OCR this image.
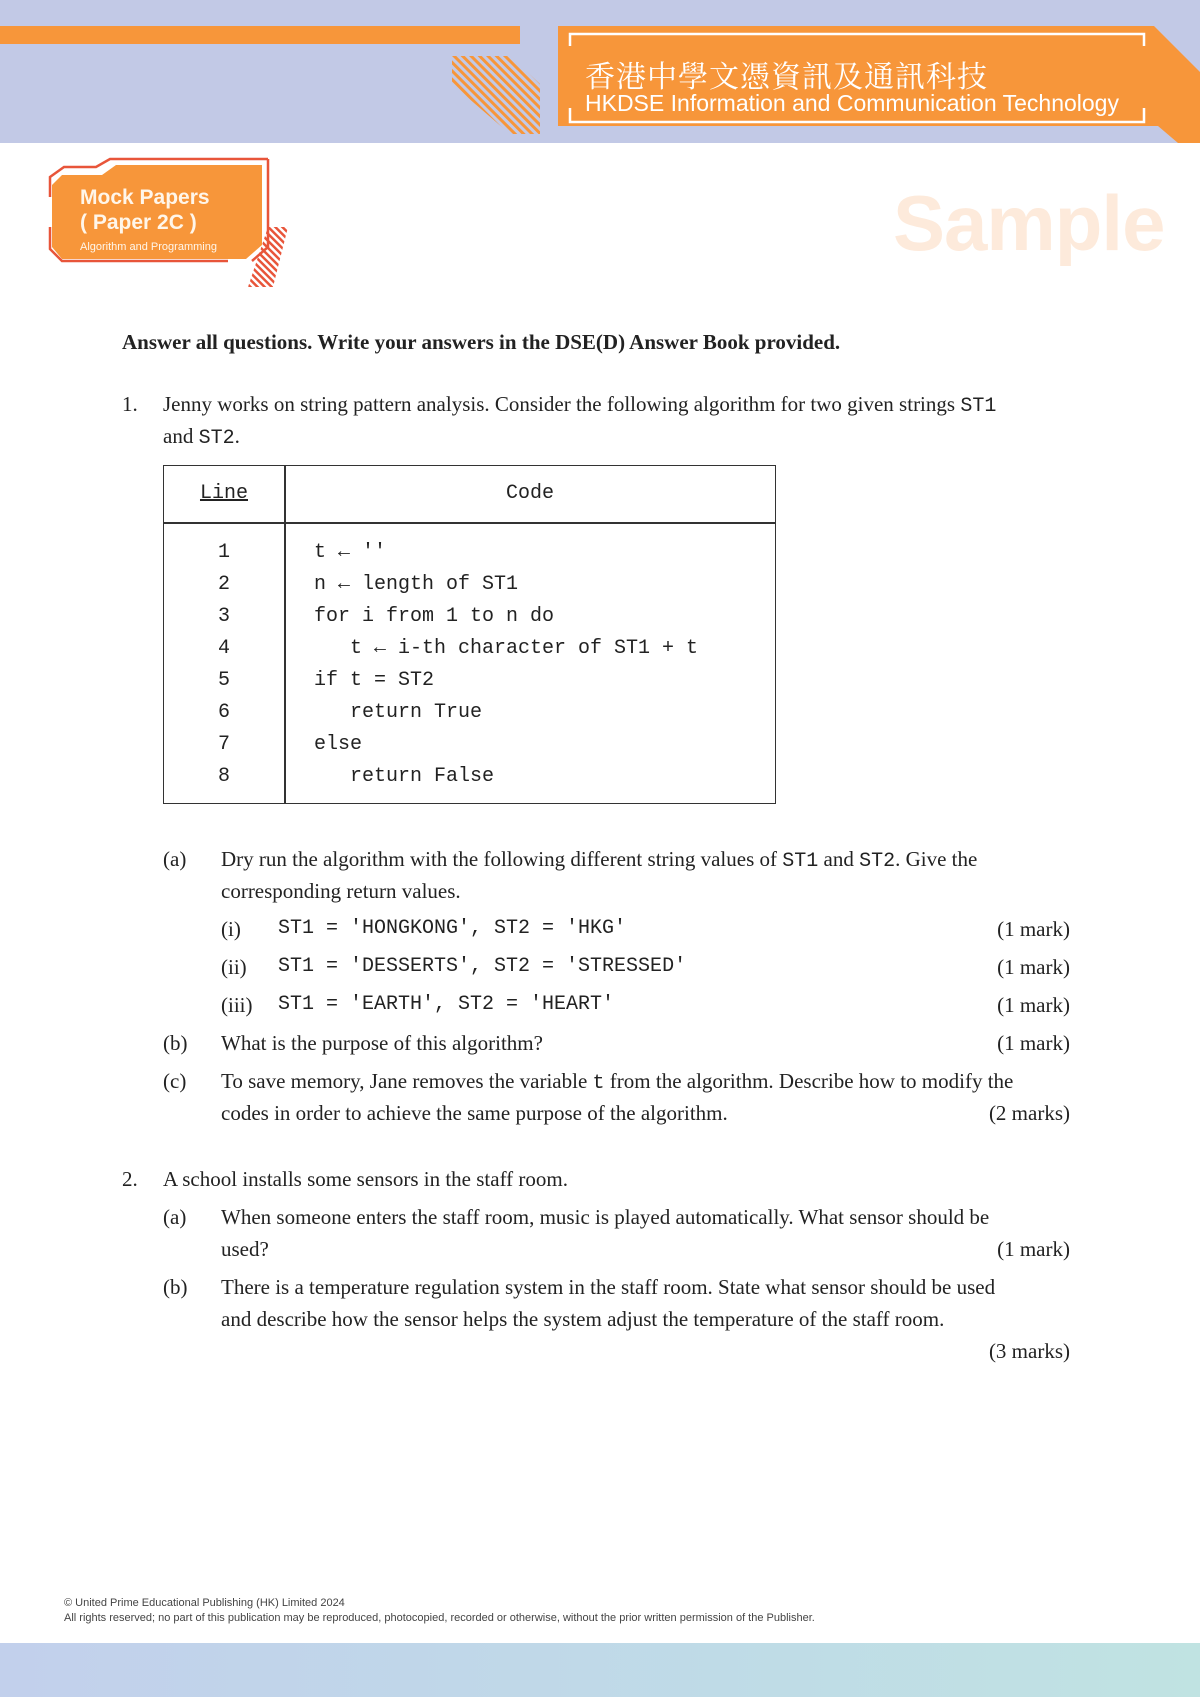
香港中學文憑資訊及通訊科技
HKDSE Information and Communication Technology
Mock Papers
( Paper 2C )
Algorithm and Programming	Sample
Answer all questions. Write your answers in the DSE(D) Answer Book provided.
1. Jenny works on string pattern analysis. Consider the following algorithm for two given strings ST1
and ST2.
Line	Code
1	t ← ''
2	n ← length of ST1
3	for i from 1 to n do
4	t ← i-th character of ST1 + t
5	if t = ST2
6	return True
7	else
8	return False
(a) Dry run the algorithm with the following different string values of ST1 and ST2. Give the
corresponding return values.
(i) ST1 = 'HONGKONG', ST2 = 'HKG'	(1 mark)
(ii) ST1 = 'DESSERTS', ST2 = 'STRESSED'	(1 mark)
(iii) ST1 = 'EARTH', ST2 = 'HEART'	(1 mark)
(b) What is the purpose of this algorithm?	(1 mark)
(c) To save memory, Jane removes the variable t from the algorithm. Describe how to modify the
codes in order to achieve the same purpose of the algorithm.	(2 marks)
2. A school installs some sensors in the staff room.
(a) When someone enters the staff room, music is played automatically. What sensor should be
used?	(1 mark)
(b) There is a temperature regulation system in the staff room. State what sensor should be used
and describe how the sensor helps the system adjust the temperature of the staff room.
(3 marks)
© United Prime Educational Publishing (HK) Limited 2024
All rights reserved; no part of this publication may be reproduced, photocopied, recorded or otherwise, without the prior written permission of the Publisher.
